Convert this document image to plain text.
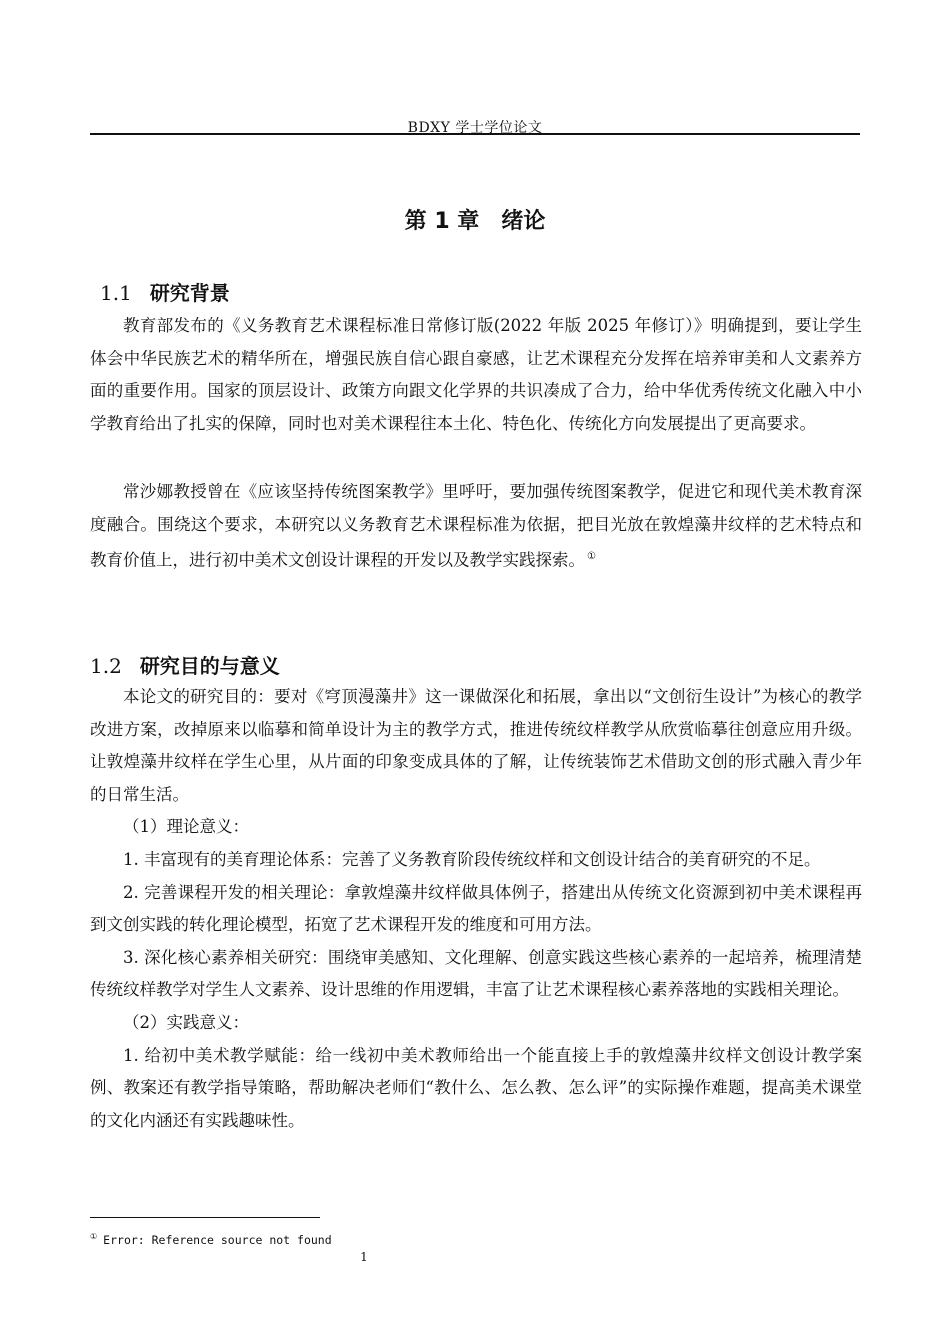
BDXY 学士学位论文
第 1 章 绪论
1.1 研究背景

教育部发布的《义务教育艺术课程标准日常修订版(2022 年版 2025 年修订）》明确提到，要让学生体会中华民族艺术的精华所在，增强民族自信心跟自豪感，让艺术课程充分发挥在培养审美和人文素养方面的重要作用。国家的顶层设计、政策方向跟文化学界的共识凑成了合力，给中华优秀传统文化融入中小学教育给出了扎实的保障，同时也对美术课程往本土化、特色化、传统化方向发展提出了更高要求。

常沙娜教授曾在《应该坚持传统图案教学》里呼吁，要加强传统图案教学，促进它和现代美术教育深度融合。围绕这个要求，本研究以义务教育艺术课程标准为依据，把目光放在敦煌藻井纹样的艺术特点和教育价值上，进行初中美术文创设计课程的开发以及教学实践探索。 ①

1.2 研究目的与意义

本论文的研究目的：要对《穹顶漫藻井》这一课做深化和拓展，拿出以“文创衍生设计”为核心的教学改进方案，改掉原来以临摹和简单设计为主的教学方式，推进传统纹样教学从欣赏临摹往创意应用升级。让敦煌藻井纹样在学生心里，从片面的印象变成具体的了解，让传统装饰艺术借助文创的形式融入青少年的日常生活。

（1）理论意义：

1. 丰富现有的美育理论体系：完善了义务教育阶段传统纹样和文创设计结合的美育研究的不足。

2. 完善课程开发的相关理论：拿敦煌藻井纹样做具体例子，搭建出从传统文化资源到初中美术课程再到文创实践的转化理论模型，拓宽了艺术课程开发的维度和可用方法。

3. 深化核心素养相关研究：围绕审美感知、文化理解、创意实践这些核心素养的一起培养，梳理清楚传统纹样教学对学生人文素养、设计思维的作用逻辑，丰富了让艺术课程核心素养落地的实践相关理论。

（2）实践意义：

1. 给初中美术教学赋能：给一线初中美术教师给出一个能直接上手的敦煌藻井纹样文创设计教学案例、教案还有教学指导策略，帮助解决老师们“教什么、怎么教、怎么评”的实际操作难题，提高美术课堂的文化内涵还有实践趣味性。

① Error: Reference source not found
1
